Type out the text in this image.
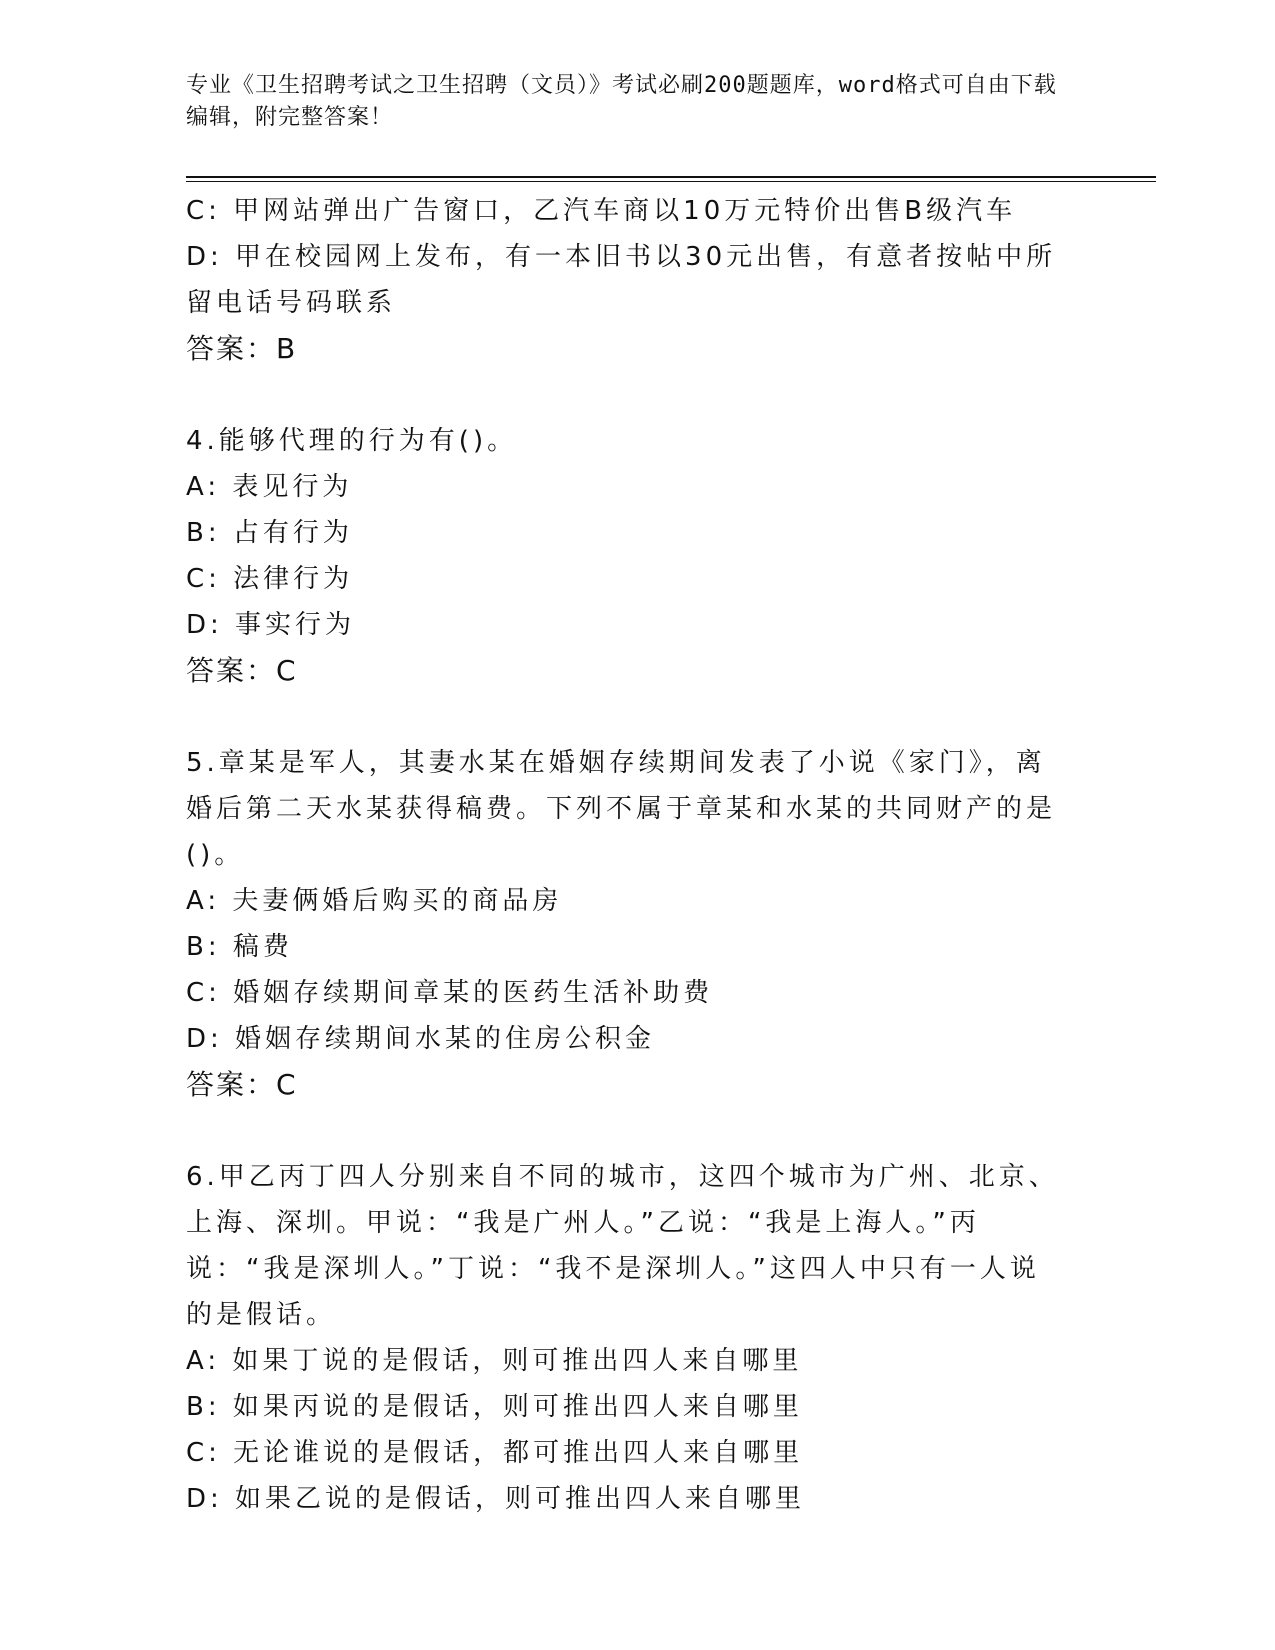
专业《卫生招聘考试之卫生招聘（文员）》考试必刷200题题库，word格式可自由下载编辑，附完整答案！
C: 甲网站弹出广告窗口，乙汽车商以10万元特价出售B级汽车
D: 甲在校园网上发布，有一本旧书以30元出售，有意者按帖中所留电话号码联系
答案：B
4.能够代理的行为有()。
A: 表见行为
B: 占有行为
C: 法律行为
D: 事实行为
答案：C
5.章某是军人，其妻水某在婚姻存续期间发表了小说《家门》，离婚后第二天水某获得稿费。下列不属于章某和水某的共同财产的是()。
A: 夫妻俩婚后购买的商品房
B: 稿费
C: 婚姻存续期间章某的医药生活补助费
D: 婚姻存续期间水某的住房公积金
答案：C
6.甲乙丙丁四人分别来自不同的城市，这四个城市为广州、北京、上海、深圳。甲说：“我是广州人。”乙说：“我是上海人。”丙说：“我是深圳人。”丁说：“我不是深圳人。”这四人中只有一人说的是假话。
A: 如果丁说的是假话，则可推出四人来自哪里
B: 如果丙说的是假话，则可推出四人来自哪里
C: 无论谁说的是假话，都可推出四人来自哪里
D: 如果乙说的是假话，则可推出四人来自哪里
